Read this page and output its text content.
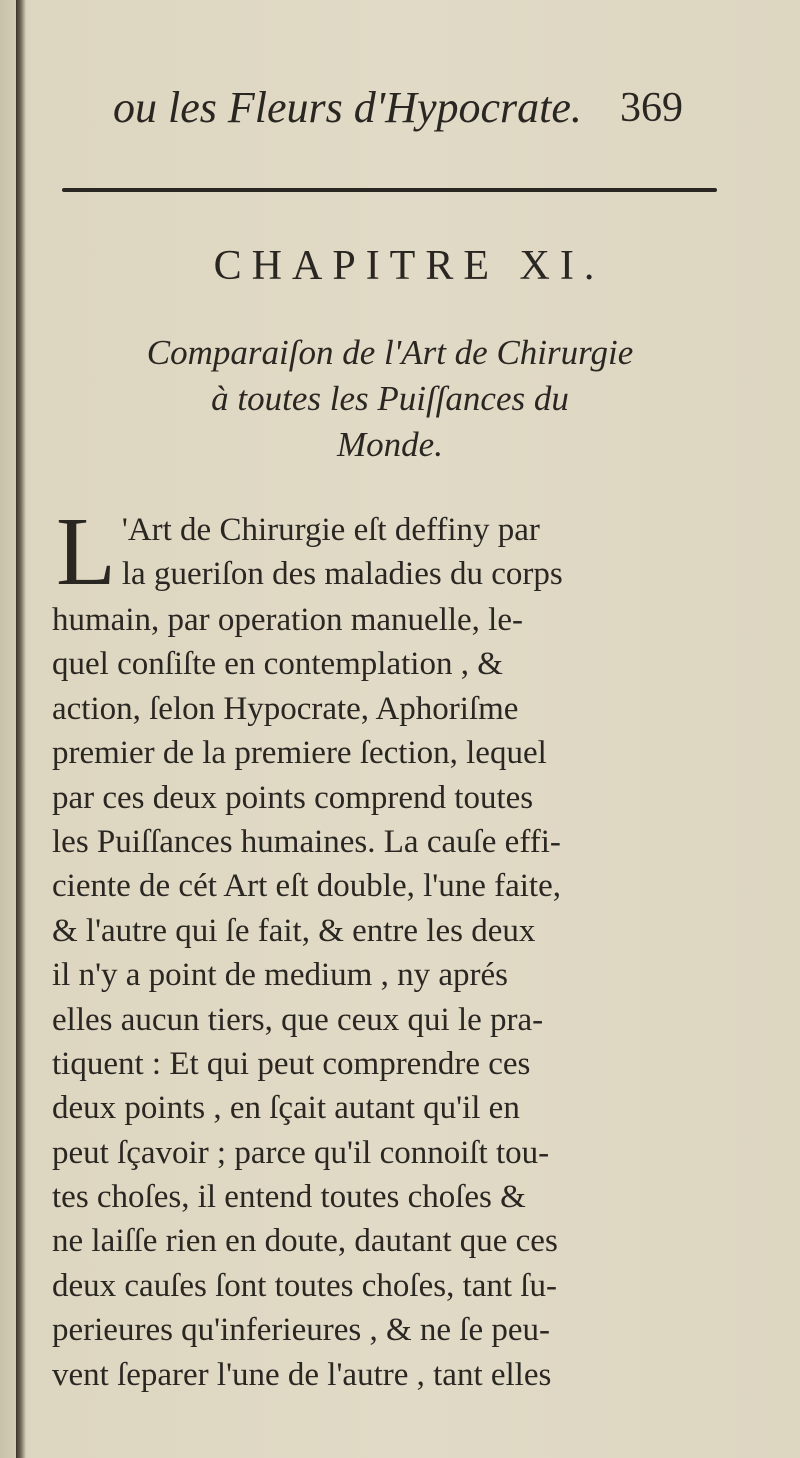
ou les Fleurs d'Hypocrate. 369
CHAPITRE XI.
Comparaiſon de l'Art de Chirurgie
à toutes les Puiſſances du
Monde.
L 'Art de Chirurgie eſt deffiny par
la gueriſon des maladies du corps
humain, par operation manuelle, le-
quel conſiſte en contemplation , &
action, ſelon Hypocrate, Aphoriſme
premier de la premiere ſection, lequel
par ces deux points comprend toutes
les Puiſſances humaines. La cauſe effi-
ciente de cét Art eſt double, l'une faite,
& l'autre qui ſe fait, & entre les deux
il n'y a point de medium , ny aprés
elles aucun tiers, que ceux qui le pra-
tiquent : Et qui peut comprendre ces
deux points , en ſçait autant qu'il en
peut ſçavoir ; parce qu'il connoiſt tou-
tes choſes, il entend toutes choſes &
ne laiſſe rien en doute, dautant que ces
deux cauſes ſont toutes choſes, tant ſu-
perieures qu'inferieures , & ne ſe peu-
vent ſeparer l'une de l'autre , tant elles
